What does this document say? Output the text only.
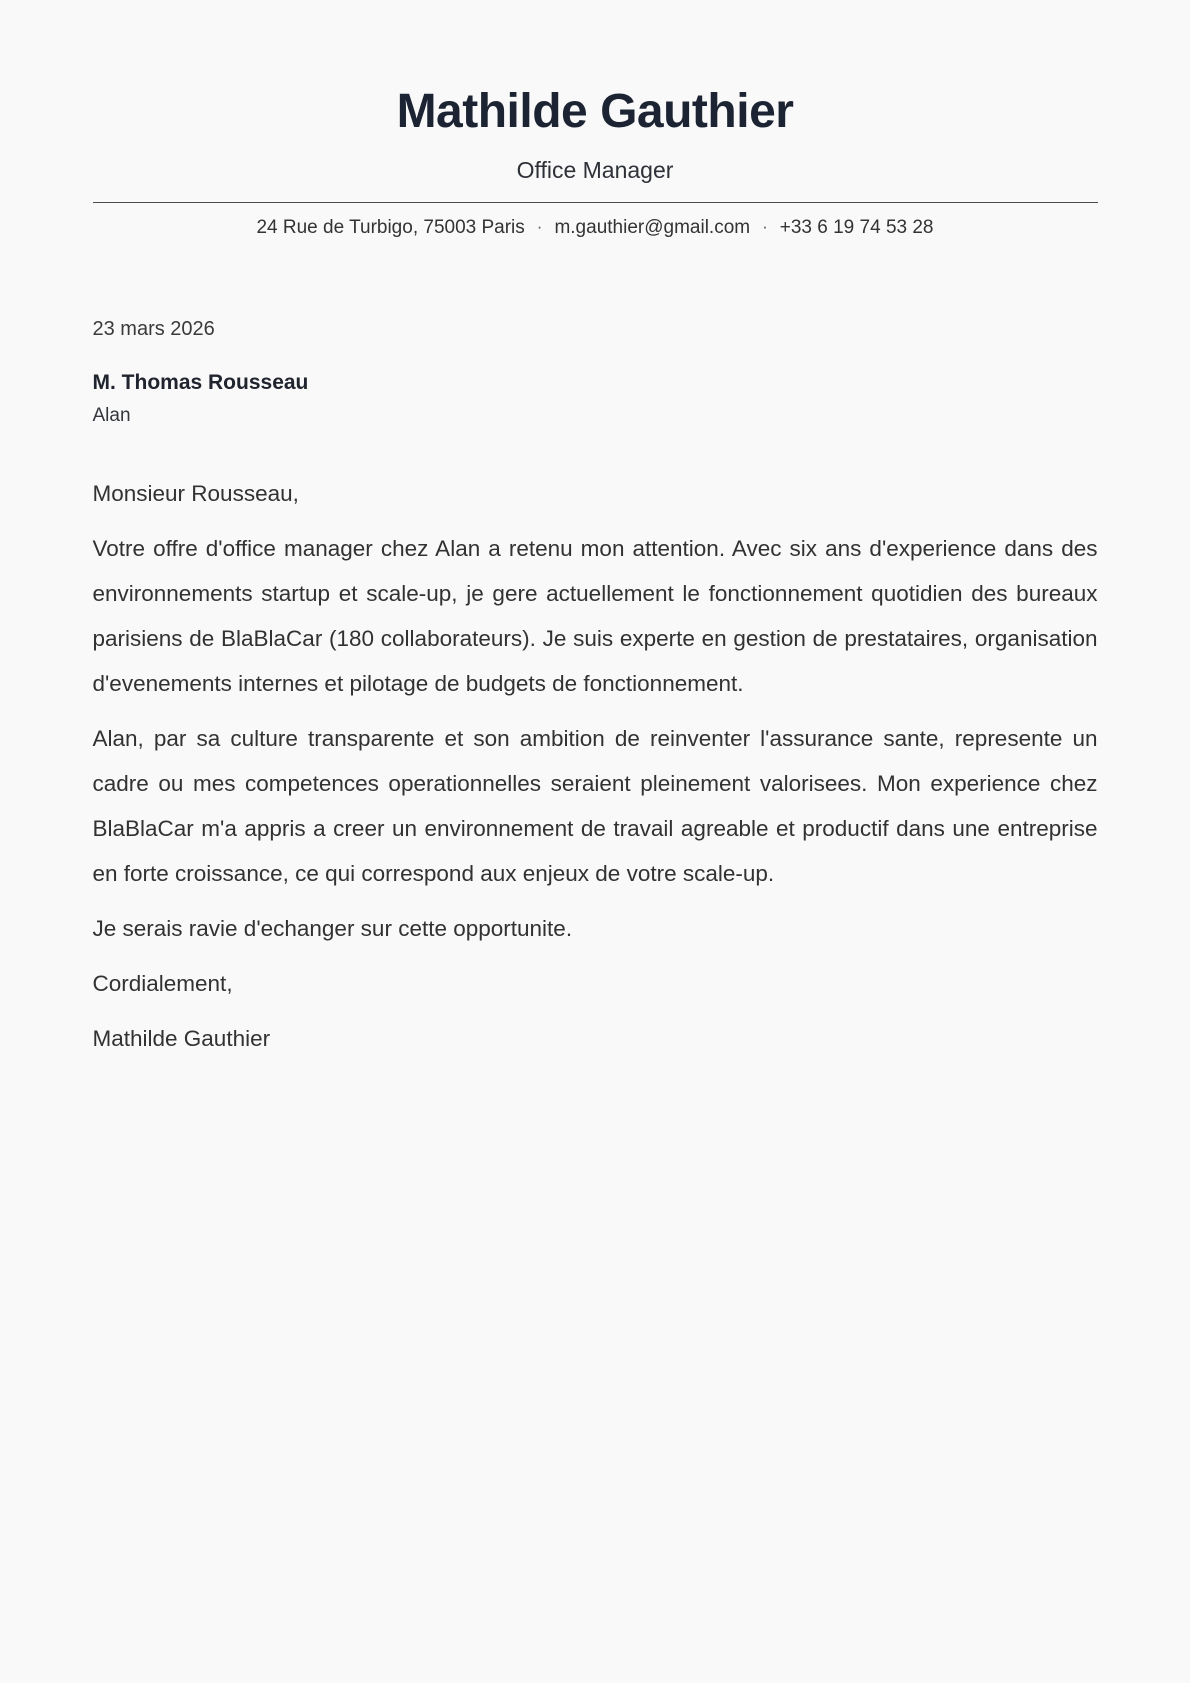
Mathilde Gauthier
Office Manager
24 Rue de Turbigo, 75003 Paris · m.gauthier@gmail.com · +33 6 19 74 53 28

23 mars 2026

M. Thomas Rousseau

Alan

Monsieur Rousseau,

Votre offre d'office manager chez Alan a retenu mon attention. Avec six ans d'experience dans des environnements startup et scale-up, je gere actuellement le fonctionnement quotidien des bureaux parisiens de BlaBlaCar (180 collaborateurs). Je suis experte en gestion de prestataires, organisation d'evenements internes et pilotage de budgets de fonctionnement.

Alan, par sa culture transparente et son ambition de reinventer l'assurance sante, represente un cadre ou mes competences operationnelles seraient pleinement valorisees. Mon experience chez BlaBlaCar m'a appris a creer un environnement de travail agreable et productif dans une entreprise en forte croissance, ce qui correspond aux enjeux de votre scale-up.

Je serais ravie d'echanger sur cette opportunite.

Cordialement,

Mathilde Gauthier
